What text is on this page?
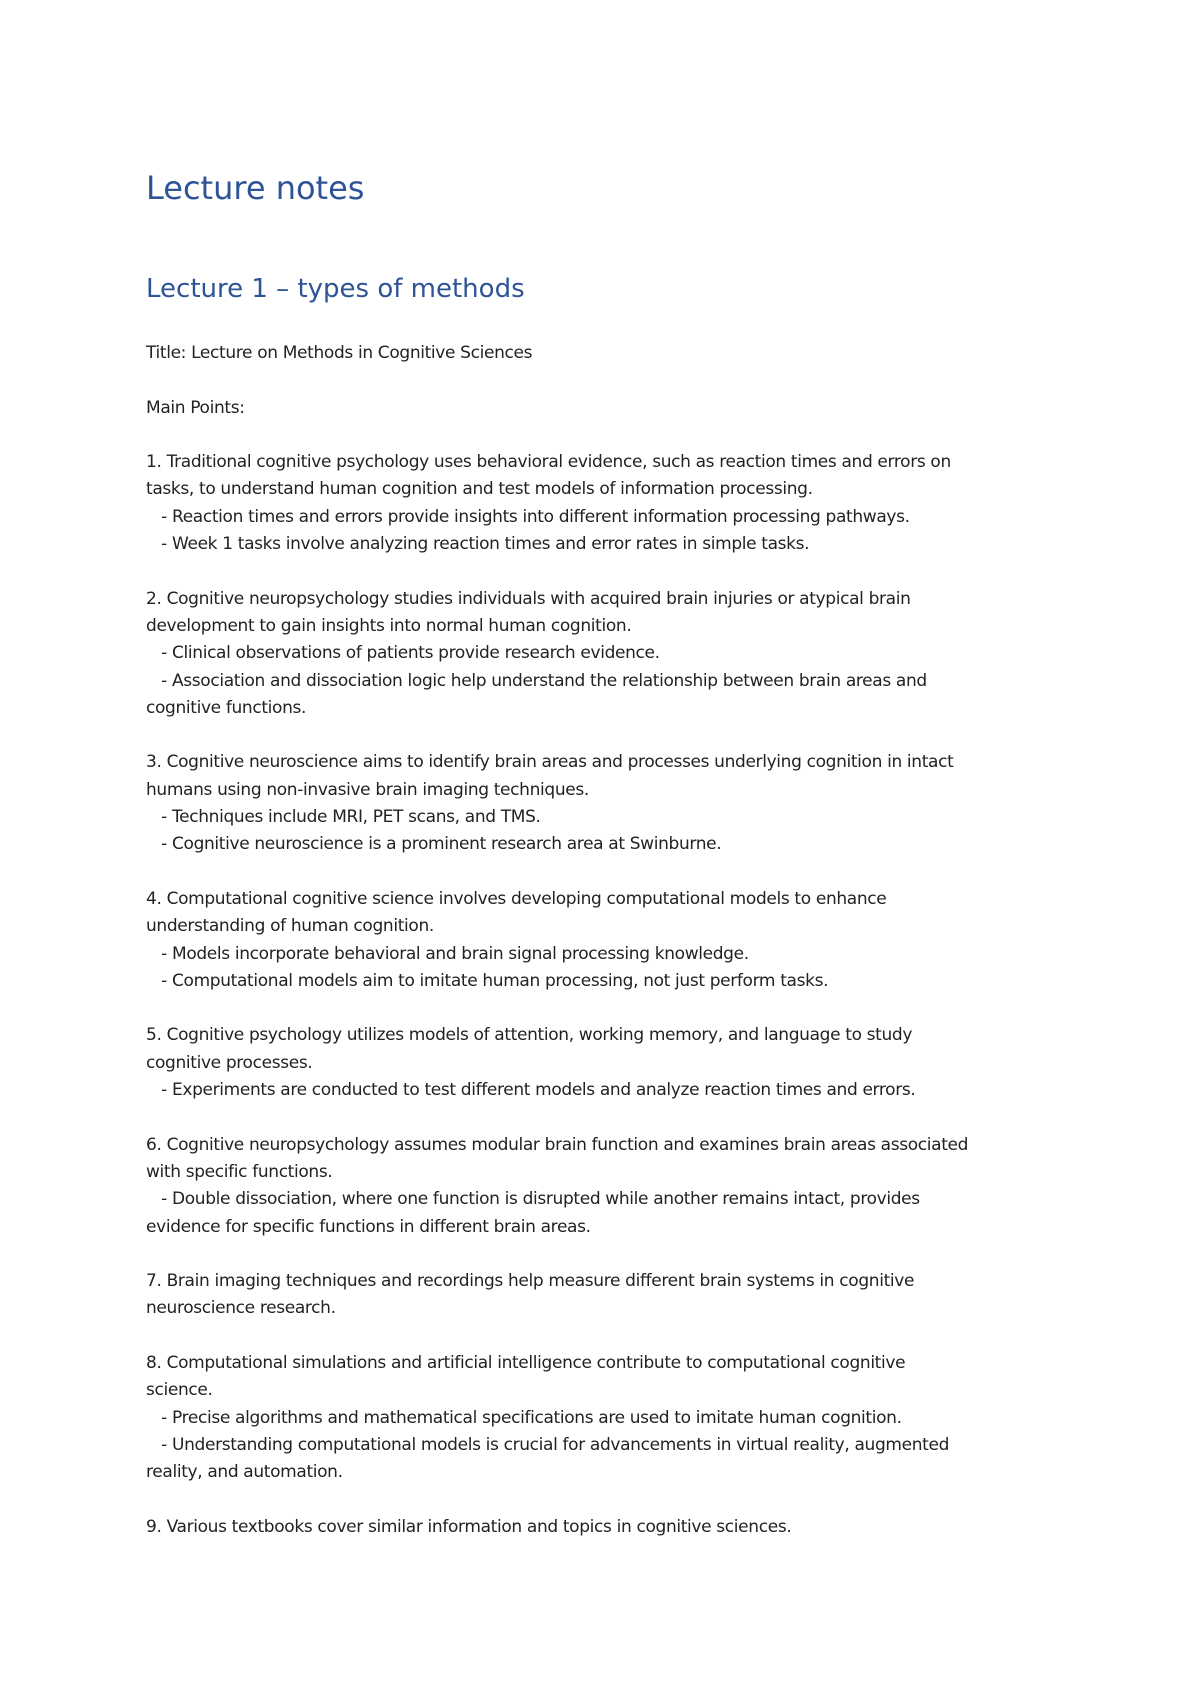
Lecture notes
Lecture 1 – types of methods
Title: Lecture on Methods in Cognitive Sciences
Main Points:
1. Traditional cognitive psychology uses behavioral evidence, such as reaction times and errors on
tasks, to understand human cognition and test models of information processing.
- Reaction times and errors provide insights into different information processing pathways.
- Week 1 tasks involve analyzing reaction times and error rates in simple tasks.
2. Cognitive neuropsychology studies individuals with acquired brain injuries or atypical brain
development to gain insights into normal human cognition.
- Clinical observations of patients provide research evidence.
- Association and dissociation logic help understand the relationship between brain areas and
cognitive functions.
3. Cognitive neuroscience aims to identify brain areas and processes underlying cognition in intact
humans using non-invasive brain imaging techniques.
- Techniques include MRI, PET scans, and TMS.
- Cognitive neuroscience is a prominent research area at Swinburne.
4. Computational cognitive science involves developing computational models to enhance
understanding of human cognition.
- Models incorporate behavioral and brain signal processing knowledge.
- Computational models aim to imitate human processing, not just perform tasks.
5. Cognitive psychology utilizes models of attention, working memory, and language to study
cognitive processes.
- Experiments are conducted to test different models and analyze reaction times and errors.
6. Cognitive neuropsychology assumes modular brain function and examines brain areas associated
with specific functions.
- Double dissociation, where one function is disrupted while another remains intact, provides
evidence for specific functions in different brain areas.
7. Brain imaging techniques and recordings help measure different brain systems in cognitive
neuroscience research.
8. Computational simulations and artificial intelligence contribute to computational cognitive
science.
- Precise algorithms and mathematical specifications are used to imitate human cognition.
- Understanding computational models is crucial for advancements in virtual reality, augmented
reality, and automation.
9. Various textbooks cover similar information and topics in cognitive sciences.
